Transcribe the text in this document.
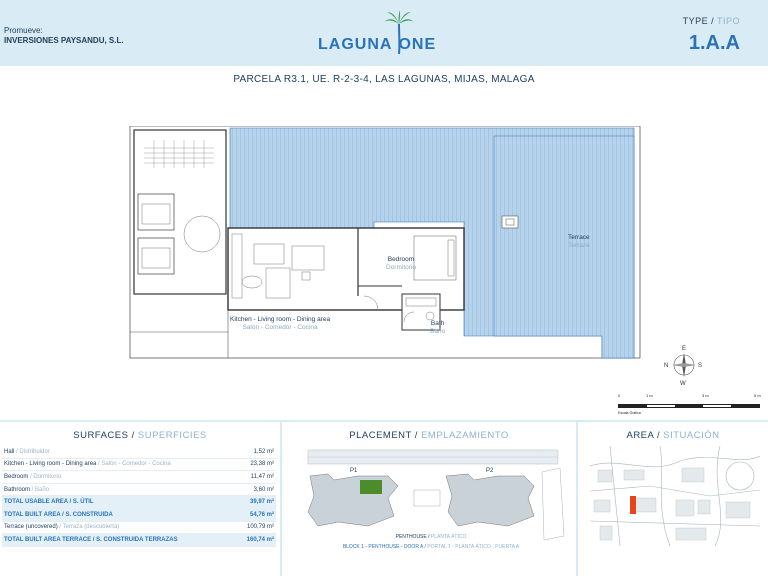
Promueve:
INVERSIONES PAYSANDU, S.L.	LAGUNA ONE
TYPE / TIPO
1.A.A
PARCELA R3.1, UE. R-2-3-4, LAS LAGUNAS, MIJAS, MALAGA
Terrace
Terraza
Bedroom
Dormitorio
Kitchen - Living room - Dining area
Salón - Comedor - Cocina
Bath
Baño
E
N	S
W
0	1 m	3 m	5 m
Escala Gráfica
SURFACES / SUPERFICIES
Hall / Distribuidor	1,52 m²
Kitchen - Living room - Dining area / Salón - Comedor - Cocina	23,38 m²
Bedroom / Dormitorio	11,47 m²
Bathroom / Baño	3,60 m²
TOTAL USABLE AREA / S. ÚTIL	39,97 m²
TOTAL BUILT AREA / S. CONSTRUIDA	54,76 m²
Terrace (uncovered) / Terraza (descubierta)	100,79 m²
TOTAL BUILT AREA TERRACE / S. CONSTRUIDA TERRAZAS	160,74 m²
PLACEMENT / EMPLAZAMIENTO
P1	P2
PENTHOUSE / PLANTA ÁTICO
BLOCK 1 - PENTHOUSE - DOOR A / PORTAL 1 - PLANTA ÁTICO - PUERTA A
AREA / SITUACIÓN
